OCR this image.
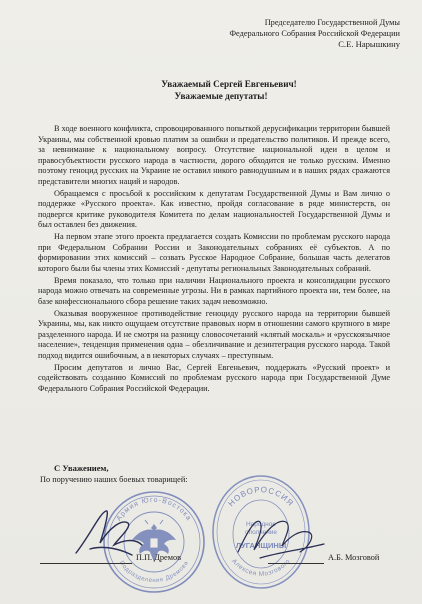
Председателю Государственной Думы
Федерального Собрания Российской Федерации
С.Е. Нарышкину
Уважаемый Сергей Евгеньевич!
Уважаемые депутаты!

В ходе военного конфликта, спровоцированного попыткой дерусификации территории бывшей Украины, мы собственной кровью платим за ошибки и предательство политиков. И прежде всего, за невнимание к национальному вопросу. Отсутствие национальной идеи в целом и правосубъектности русского народа в частности, дорого обходится не только русским. Именно поэтому геноцид русских на Украине не оставил никого равнодушным и в наших рядах сражаются представители многих наций и народов.

Обращаемся с просьбой к российским к депутатам Государственной Думы и Вам лично о поддержке «Русского проекта». Как известно, пройдя согласование в ряде министерств, он подвергся критике руководителя Комитета по делам национальностей Государственной Думы и был оставлен без движения.

На первом этапе этого проекта предлагается создать Комиссии по проблемам русского народа при Федеральном Собрании России и Законодательных собраниях её субъектов. А по формировании этих комиссий – созвать Русское Народное Собрание, большая часть делегатов которого были бы члены этих Комиссий - депутаты региональных Законодательных собраний.

Время показало, что только при наличии Национального проекта и консолидации русского народа можно отвечать на современные угрозы. Ни в рамках партийного проекта ни, тем более, на базе конфессионального сбора решение таких задач невозможно.

Оказывая вооруженное противодействие геноциду русского народа на территории бывшей Украины, мы, как никто ощущаем отсутствие правовых норм в отношении самого крупного в мире разделенного народа. И не смотря на разницу словосочетаний «клятый москаль» и «русскоязычное население», тенденция применения одна – обезличивание и дезинтеграция русского народа. Такой подход видится ошибочным, а в некоторых случаях – преступным.

Просим депутатов и лично Вас, Сергей Евгеньевич, поддержать «Русский проект» и содействовать созданию Комиссий по проблемам русского народа при Государственной Думе Федерального Собрания Российской Федерации.

С Уважением,
По поручению наших боевых товарищей:
Армия Юго-Востока
Подразделение Дремова
НОВОРОССИЯ
Народное
ополчение
ЛУГАНЩИНЫ
Алексея Мозгового
П.П. Дремов	А.Б. Мозговой
